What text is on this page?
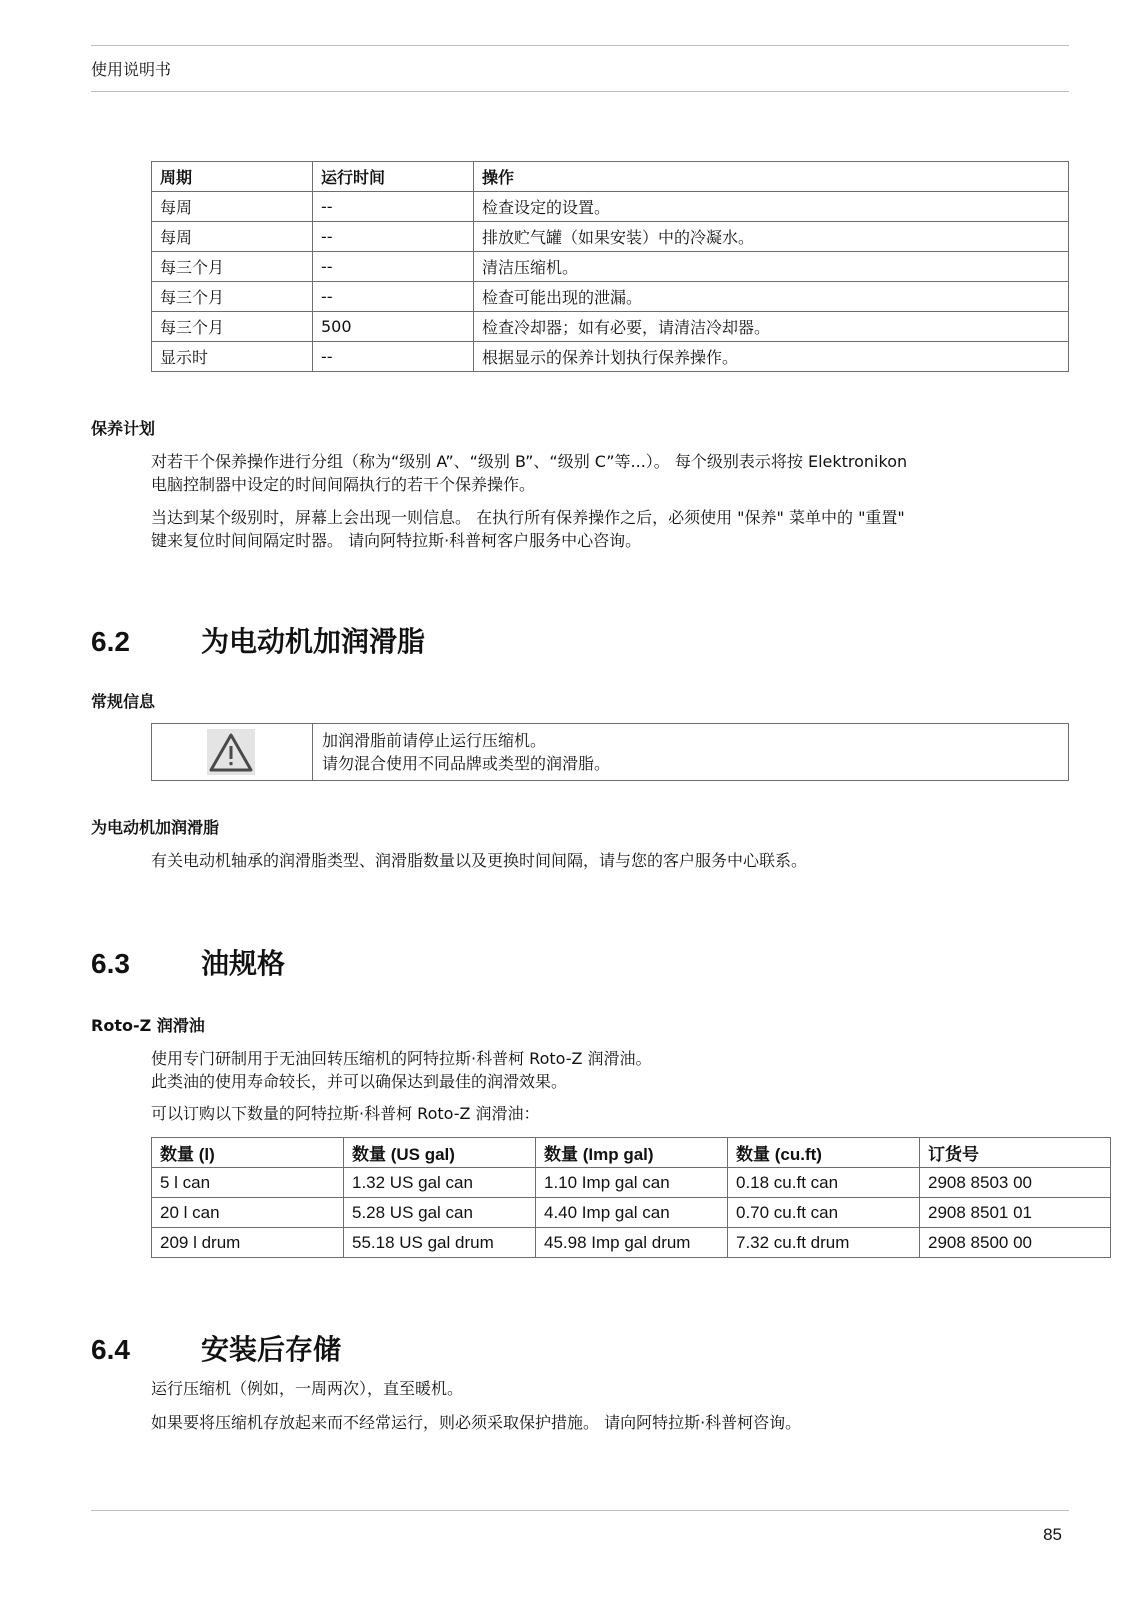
使用说明书
周期	运行时间	操作
每周	--	检查设定的设置。
每周	--	排放贮气罐（如果安装）中的冷凝水。
每三个月	--	清洁压缩机。
每三个月	--	检查可能出现的泄漏。
每三个月	500	检查冷却器；如有必要，请清洁冷却器。
显示时	--	根据显示的保养计划执行保养操作。
保养计划
对若干个保养操作进行分组（称为“级别 A”、“级别 B”、“级别 C”等...）。 每个级别表示将按 Elektronikon
电脑控制器中设定的时间间隔执行的若干个保养操作。
当达到某个级别时，屏幕上会出现一则信息。 在执行所有保养操作之后，必须使用 "保养" 菜单中的 "重置"
键来复位时间间隔定时器。 请向阿特拉斯·科普柯客户服务中心咨询。
6.2	为电动机加润滑脂
常规信息
加润滑脂前请停止运行压缩机。
请勿混合使用不同品牌或类型的润滑脂。
为电动机加润滑脂
有关电动机轴承的润滑脂类型、润滑脂数量以及更换时间间隔，请与您的客户服务中心联系。
6.3	油规格
Roto-Z 润滑油
使用专门研制用于无油回转压缩机的阿特拉斯·科普柯 Roto-Z 润滑油。
此类油的使用寿命较长，并可以确保达到最佳的润滑效果。
可以订购以下数量的阿特拉斯·科普柯 Roto-Z 润滑油：
数量 (l)	数量 (US gal)	数量 (Imp gal)	数量 (cu.ft)	订货号
5 l can	1.32 US gal can	1.10 Imp gal can	0.18 cu.ft can	2908 8503 00
20 l can	5.28 US gal can	4.40 Imp gal can	0.70 cu.ft can	2908 8501 01
209 l drum	55.18 US gal drum	45.98 Imp gal drum	7.32 cu.ft drum	2908 8500 00
6.4	安装后存储
运行压缩机（例如，一周两次），直至暖机。
如果要将压缩机存放起来而不经常运行，则必须采取保护措施。 请向阿特拉斯·科普柯咨询。
85
